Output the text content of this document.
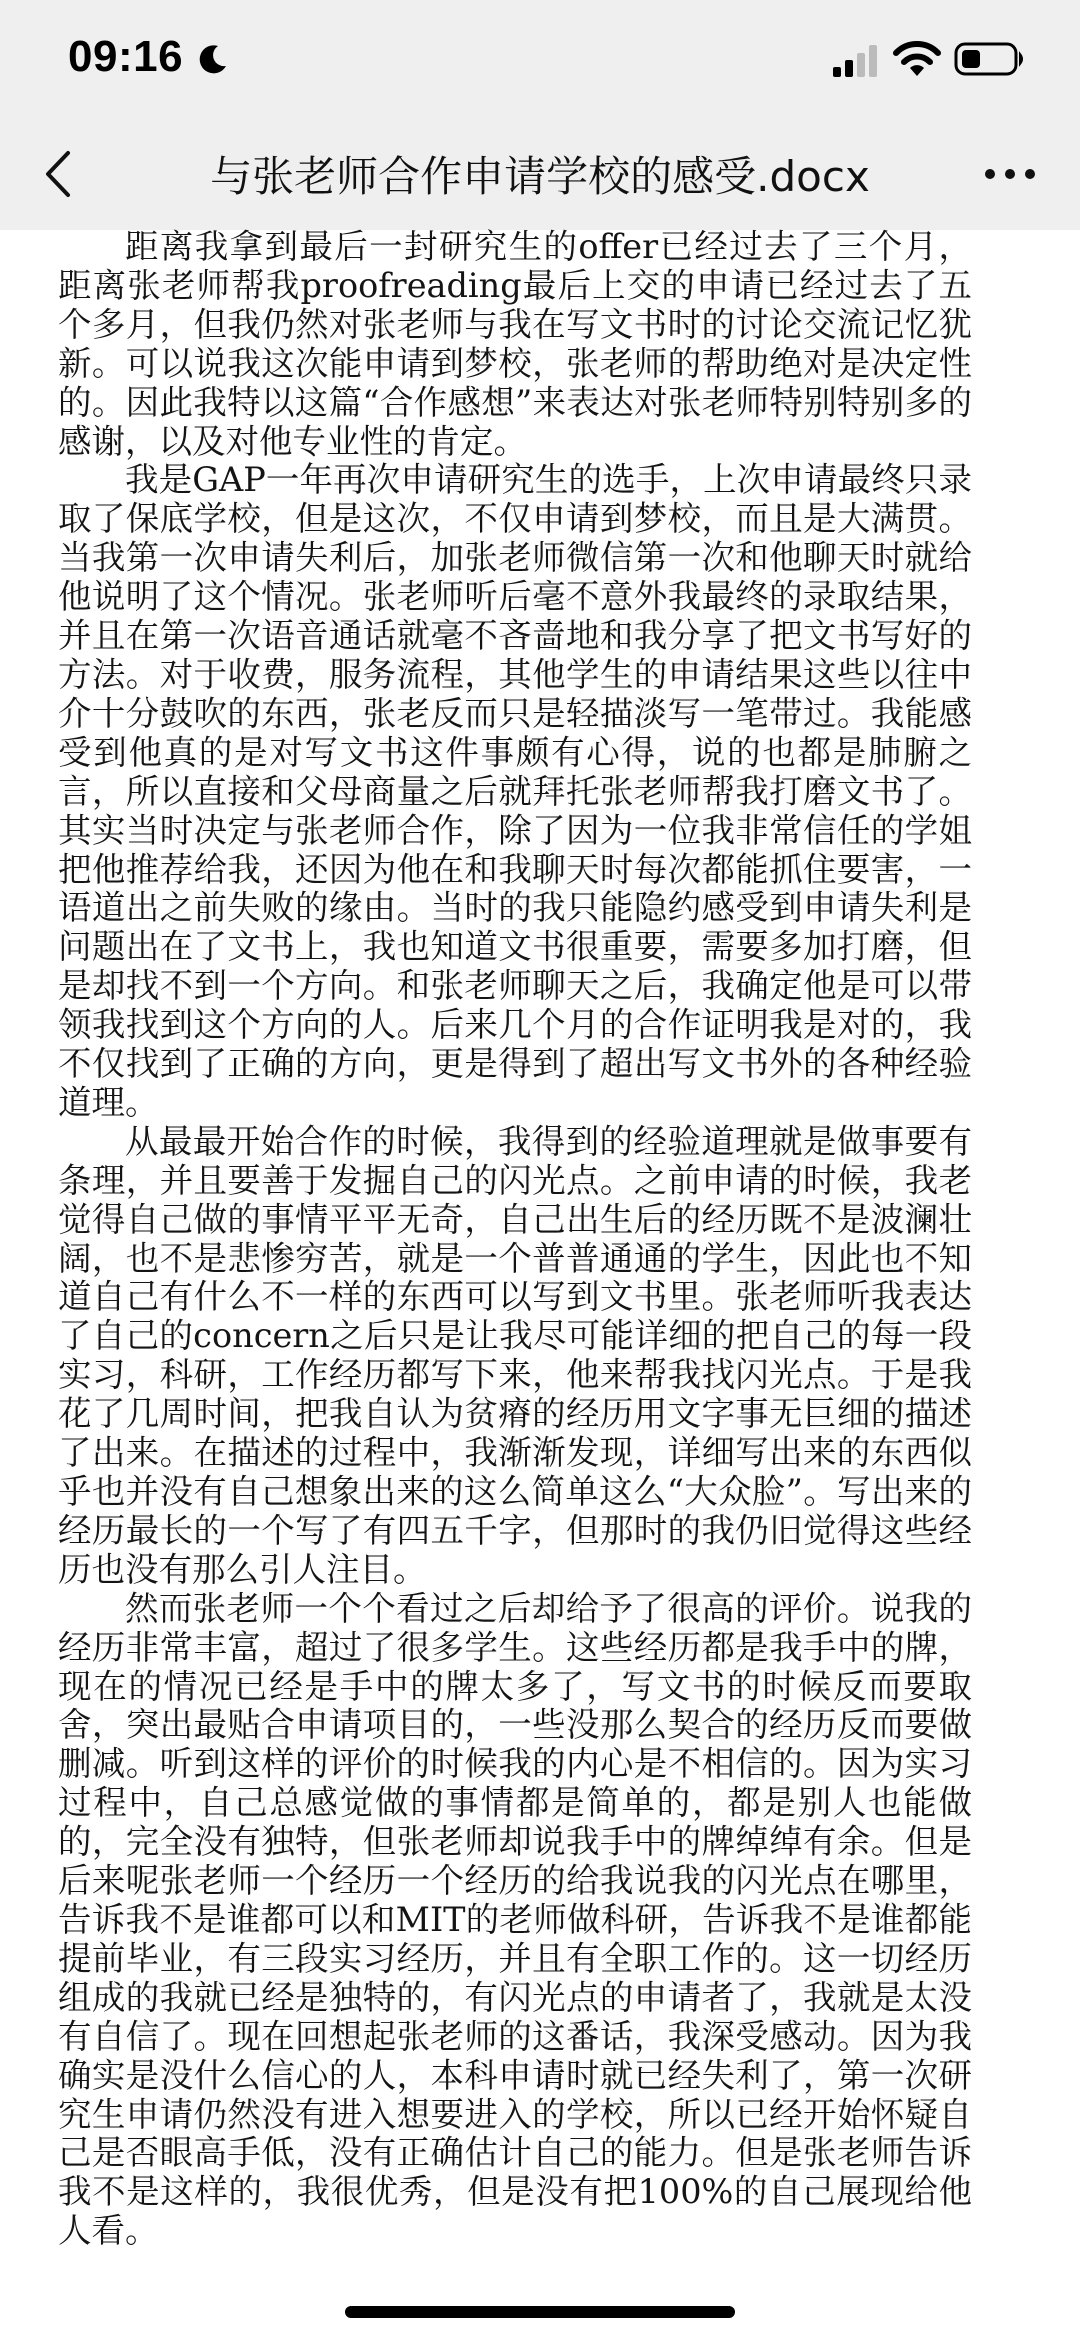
09:16
与张老师合作申请学校的感受.docx

距离我拿到最后一封研究生的offer已经过去了三个月，距离张老师帮我proofreading最后上交的申请已经过去了五个多月，但我仍然对张老师与我在写文书时的讨论交流记忆犹新。可以说我这次能申请到梦校，张老师的帮助绝对是决定性的。因此我特以这篇“合作感想”来表达对张老师特别特别多的感谢，以及对他专业性的肯定。

我是GAP一年再次申请研究生的选手，上次申请最终只录取了保底学校，但是这次，不仅申请到梦校，而且是大满贯。当我第一次申请失利后，加张老师微信第一次和他聊天时就给他说明了这个情况。张老师听后毫不意外我最终的录取结果，并且在第一次语音通话就毫不吝啬地和我分享了把文书写好的方法。对于收费，服务流程，其他学生的申请结果这些以往中介十分鼓吹的东西，张老反而只是轻描淡写一笔带过。我能感受到他真的是对写文书这件事颇有心得，说的也都是肺腑之言，所以直接和父母商量之后就拜托张老师帮我打磨文书了。其实当时决定与张老师合作，除了因为一位我非常信任的学姐把他推荐给我，还因为他在和我聊天时每次都能抓住要害，一语道出之前失败的缘由。当时的我只能隐约感受到申请失利是问题出在了文书上，我也知道文书很重要，需要多加打磨，但是却找不到一个方向。和张老师聊天之后，我确定他是可以带领我找到这个方向的人。后来几个月的合作证明我是对的，我不仅找到了正确的方向，更是得到了超出写文书外的各种经验道理。

从最最开始合作的时候，我得到的经验道理就是做事要有条理，并且要善于发掘自己的闪光点。之前申请的时候，我老觉得自己做的事情平平无奇，自己出生后的经历既不是波澜壮阔，也不是悲惨穷苦，就是一个普普通通的学生，因此也不知道自己有什么不一样的东西可以写到文书里。张老师听我表达了自己的concern之后只是让我尽可能详细的把自己的每一段实习，科研，工作经历都写下来，他来帮我找闪光点。于是我花了几周时间，把我自认为贫瘠的经历用文字事无巨细的描述了出来。在描述的过程中，我渐渐发现，详细写出来的东西似乎也并没有自己想象出来的这么简单这么“大众脸”。写出来的经历最长的一个写了有四五千字，但那时的我仍旧觉得这些经历也没有那么引人注目。

然而张老师一个个看过之后却给予了很高的评价。说我的经历非常丰富，超过了很多学生。这些经历都是我手中的牌，现在的情况已经是手中的牌太多了，写文书的时候反而要取舍，突出最贴合申请项目的，一些没那么契合的经历反而要做删减。听到这样的评价的时候我的内心是不相信的。因为实习过程中，自己总感觉做的事情都是简单的，都是别人也能做的，完全没有独特，但张老师却说我手中的牌绰绰有余。但是后来呢张老师一个经历一个经历的给我说我的闪光点在哪里，告诉我不是谁都可以和MIT的老师做科研，告诉我不是谁都能提前毕业，有三段实习经历，并且有全职工作的。这一切经历组成的我就已经是独特的，有闪光点的申请者了，我就是太没有自信了。现在回想起张老师的这番话，我深受感动。因为我确实是没什么信心的人，本科申请时就已经失利了，第一次研究生申请仍然没有进入想要进入的学校，所以已经开始怀疑自己是否眼高手低，没有正确估计自己的能力。但是张老师告诉我不是这样的，我很优秀，但是没有把100%的自己展现给他人看。
